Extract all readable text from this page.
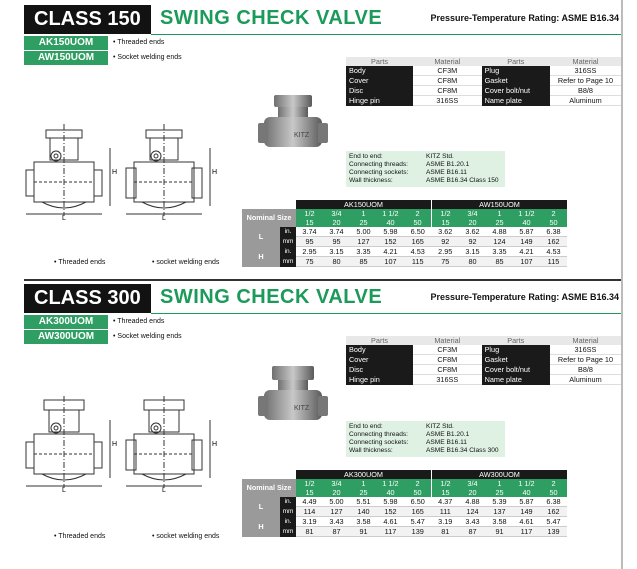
CLASS 150 SWING CHECK VALVE	Pressure-Temperature Rating: ASME B16.34
AK150UOM	• Threaded ends
AW150UOM	• Socket welding ends
H
L
H
L
• Threaded ends	• socket welding ends
KITZ
Parts	Material	Parts	Material
Body	CF3M	Plug	316SS
Cover	CF8M	Gasket	Refer to Page 10
Disc	CF8M	Cover bolt/nut	B8/8
Hinge pin	316SS	Name plate	Aluminum
End to end:	KITZ Std.
Connecting threads:	ASME B1.20.1
Connecting sockets:	ASME B16.11
Wall thickness:	ASME B16.34 Class 150
		AK150UOM					AW150UOM				
Nominal Size		1/2	3/4	1	1 1/2	2	1/2	3/4	1	1 1/2	2
		15	20	25	40	50	15	20	25	40	50
L	in.	3.74	3.74	5.00	5.98	6.50	3.62	3.62	4.88	5.87	6.38
	mm	95	95	127	152	165	92	92	124	149	162
H	in.	2.95	3.15	3.35	4.21	4.53	2.95	3.15	3.35	4.21	4.53
	mm	75	80	85	107	115	75	80	85	107	115
CLASS 300 SWING CHECK VALVE	Pressure-Temperature Rating: ASME B16.34
AK300UOM	• Threaded ends
AW300UOM	• Socket welding ends
H
L
H
L
• Threaded ends	• socket welding ends
KITZ
Parts	Material	Parts	Material
Body	CF3M	Plug	316SS
Cover	CF8M	Gasket	Refer to Page 10
Disc	CF8M	Cover bolt/nut	B8/8
Hinge pin	316SS	Name plate	Aluminum
End to end:	KITZ Std.
Connecting threads:	ASME B1.20.1
Connecting sockets:	ASME B16.11
Wall thickness:	ASME B16.34 Class 300
		AK300UOM					AW300UOM				
Nominal Size		1/2	3/4	1	1 1/2	2	1/2	3/4	1	1 1/2	2
		15	20	25	40	50	15	20	25	40	50
L	in.	4.49	5.00	5.51	5.98	6.50	4.37	4.88	5.39	5.87	6.38
	mm	114	127	140	152	165	111	124	137	149	162
H	in.	3.19	3.43	3.58	4.61	5.47	3.19	3.43	3.58	4.61	5.47
	mm	81	87	91	117	139	81	87	91	117	139
